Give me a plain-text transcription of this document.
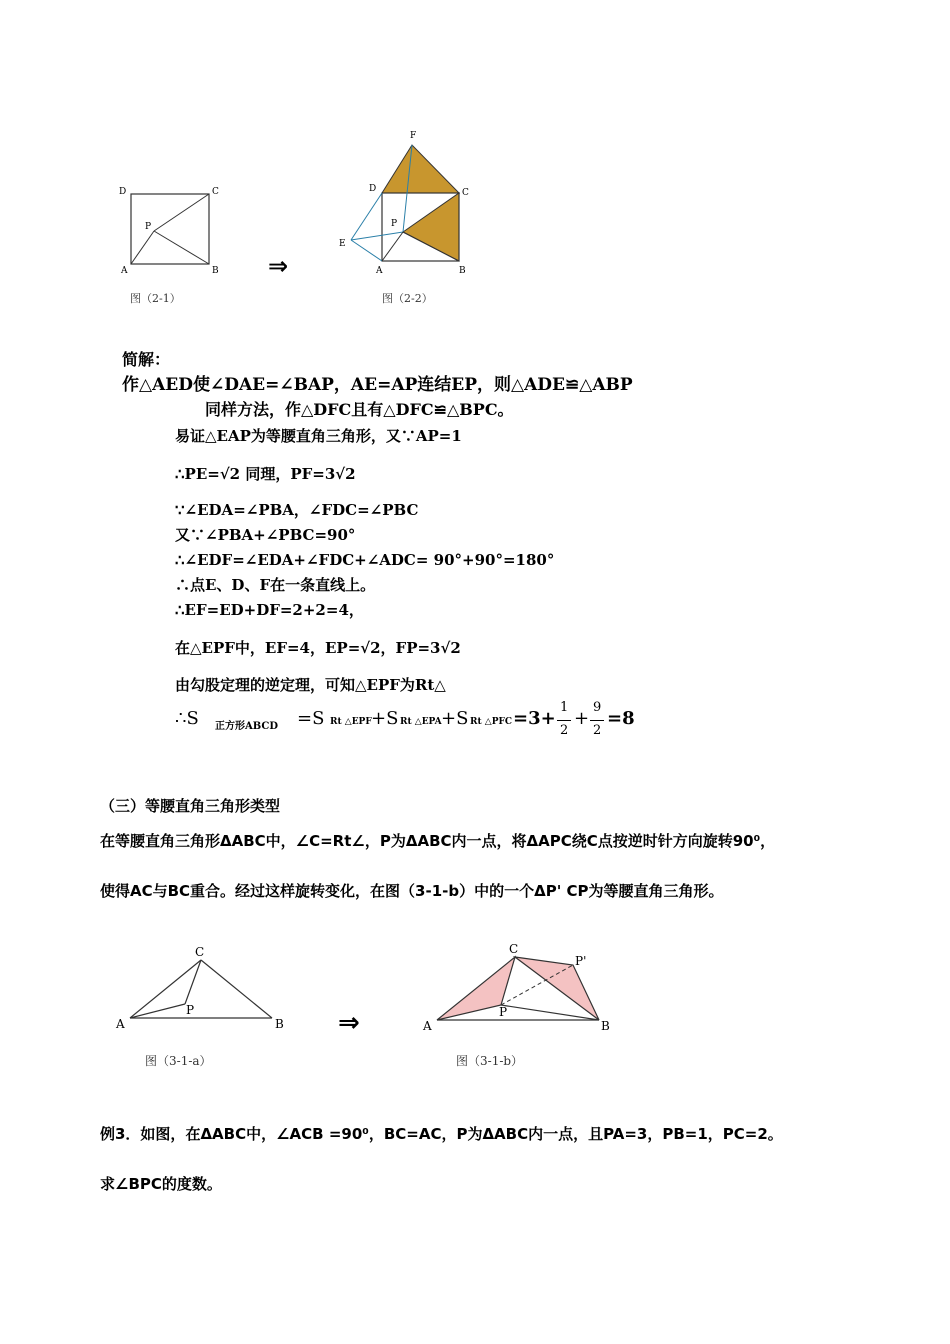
D	C
P
A	B
图（2-1）
⇒
F
D	C
P
E
A	B
图（2-2）
简解：
作△AED使∠DAE=∠BAP，AE=AP连结EP，则△ADE≌△ABP
同样方法，作△DFC且有△DFC≌△BPC。
易证△EAP为等腰直角三角形，又∵AP=1
∴PE=√2 同理，PF=3√2
∵∠EDA=∠PBA，∠FDC=∠PBC
又∵∠PBA+∠PBC=90°
∴∠EDF=∠EDA+∠FDC+∠ADC= 90°+90°=180°
∴点E、D、F在一条直线上。
∴EF=ED+DF=2+2=4，
在△EPF中，EF=4，EP=√2，FP=3√2
由勾股定理的逆定理，可知△EPF为Rt△
∴S 正方形ABCD =S Rt △EPF +S Rt △EPA +S Rt △PFC =3+
1
2
+
9
2
=8
（三）等腰直角三角形类型
在等腰直角三角形ΔABC中，∠C=Rt∠，P为ΔABC内一点，将ΔAPC绕C点按逆时针方向旋转90⁰，
使得AC与BC重合。经过这样旋转变化，在图（3-1-b）中的一个ΔP' CP为等腰直角三角形。
C
P
A	B
图（3-1-a）
⇒
C
P
P'
A	B
图（3-1-b）
例3．如图，在ΔABC中，∠ACB =90⁰，BC=AC，P为ΔABC内一点，且PA=3，PB=1，PC=2。
求∠BPC的度数。
